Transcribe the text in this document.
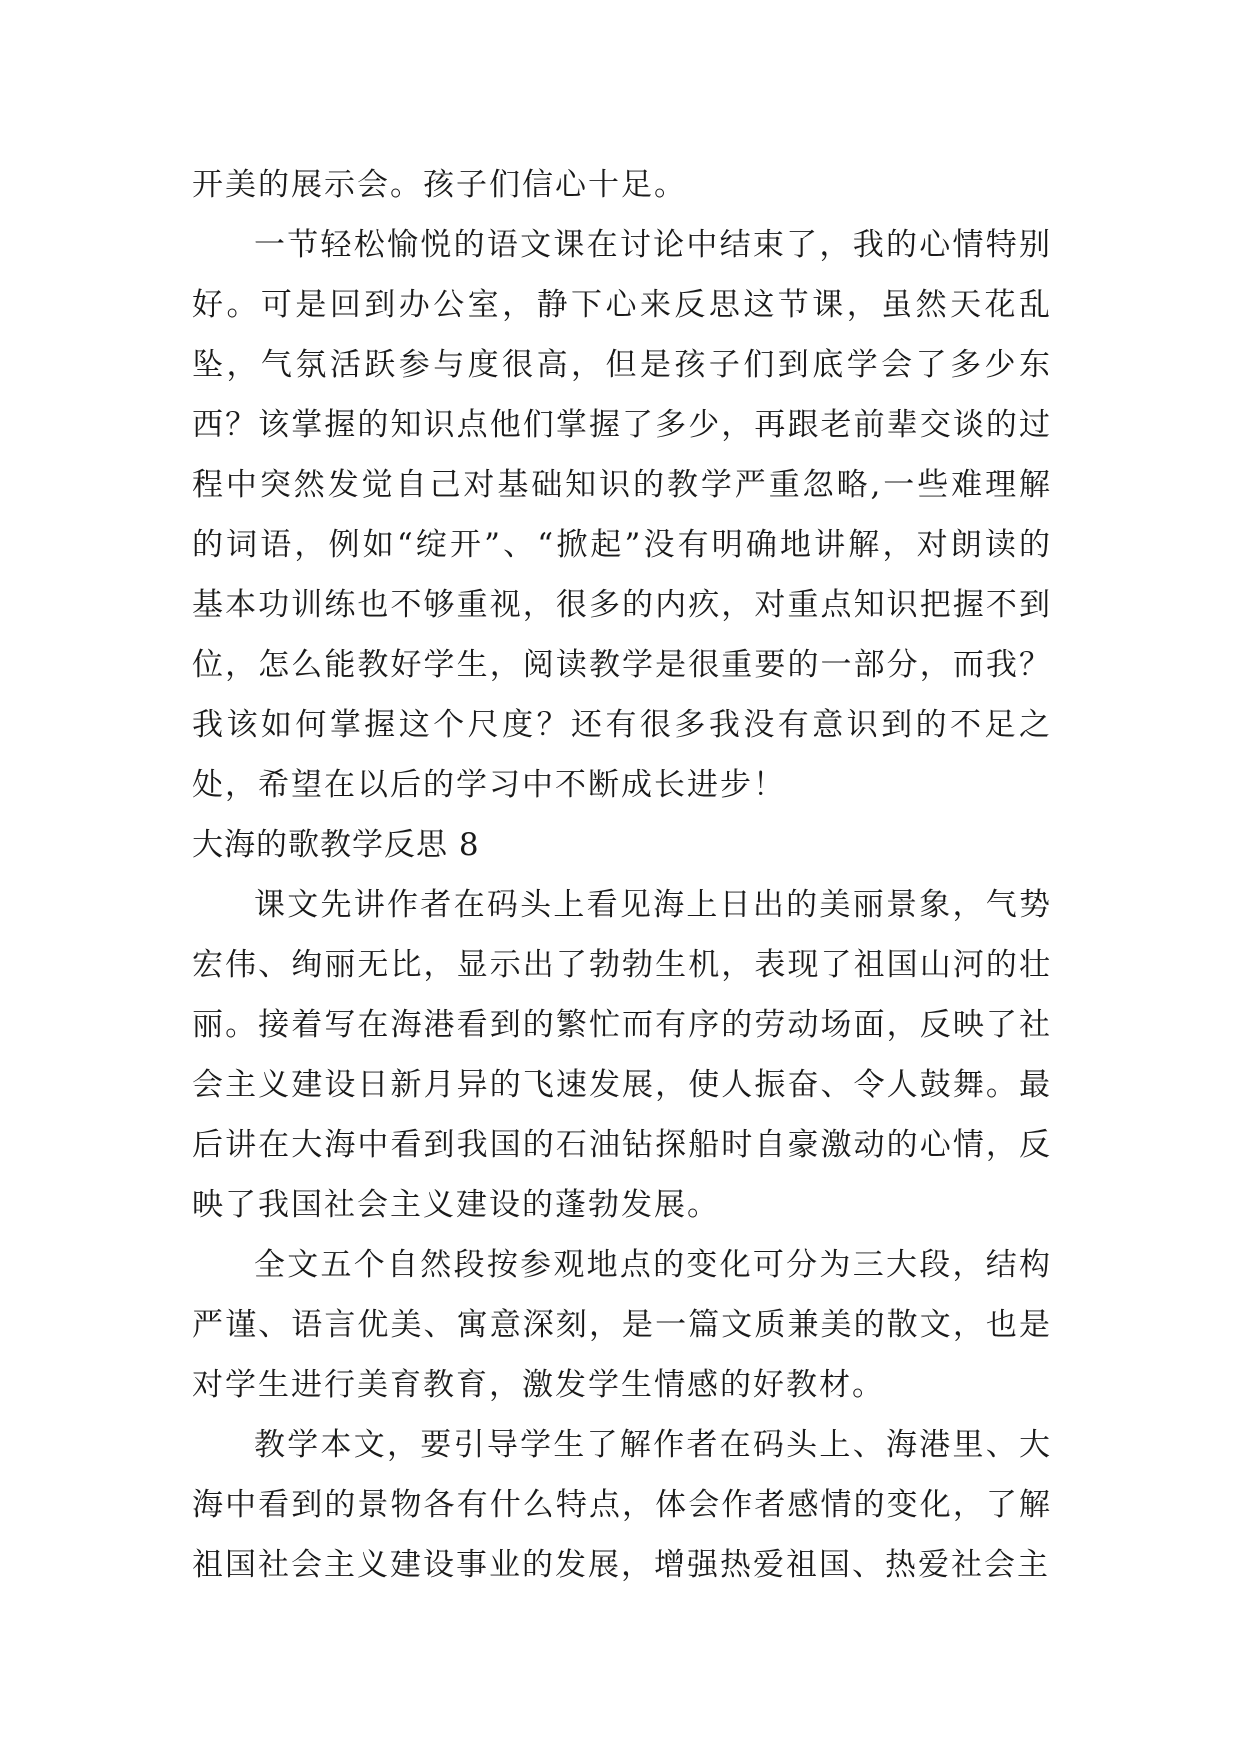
开美的展示会。孩子们信心十足。

一节轻松愉悦的语文课在讨论中结束了，我的心情特别好。可是回到办公室，静下心来反思这节课，虽然天花乱坠，气氛活跃参与度很高，但是孩子们到底学会了多少东西？该掌握的知识点他们掌握了多少，再跟老前辈交谈的过程中突然发觉自己对基础知识的教学严重忽略,一些难理解的词语，例如“绽开”、“掀起”没有明确地讲解，对朗读的基本功训练也不够重视，很多的内疚，对重点知识把握不到位，怎么能教好学生，阅读教学是很重要的一部分，而我？我该如何掌握这个尺度？还有很多我没有意识到的不足之处，希望在以后的学习中不断成长进步！

大海的歌教学反思 8

课文先讲作者在码头上看见海上日出的美丽景象，气势宏伟、绚丽无比，显示出了勃勃生机，表现了祖国山河的壮丽。接着写在海港看到的繁忙而有序的劳动场面，反映了社会主义建设日新月异的飞速发展，使人振奋、令人鼓舞。最后讲在大海中看到我国的石油钻探船时自豪激动的心情，反映了我国社会主义建设的蓬勃发展。

全文五个自然段按参观地点的变化可分为三大段，结构严谨、语言优美、寓意深刻，是一篇文质兼美的散文，也是对学生进行美育教育，激发学生情感的好教材。

教学本文，要引导学生了解作者在码头上、海港里、大海中看到的景物各有什么特点，体会作者感情的变化，了解祖国社会主义建设事业的发展，增强热爱祖国、热爱社会主
